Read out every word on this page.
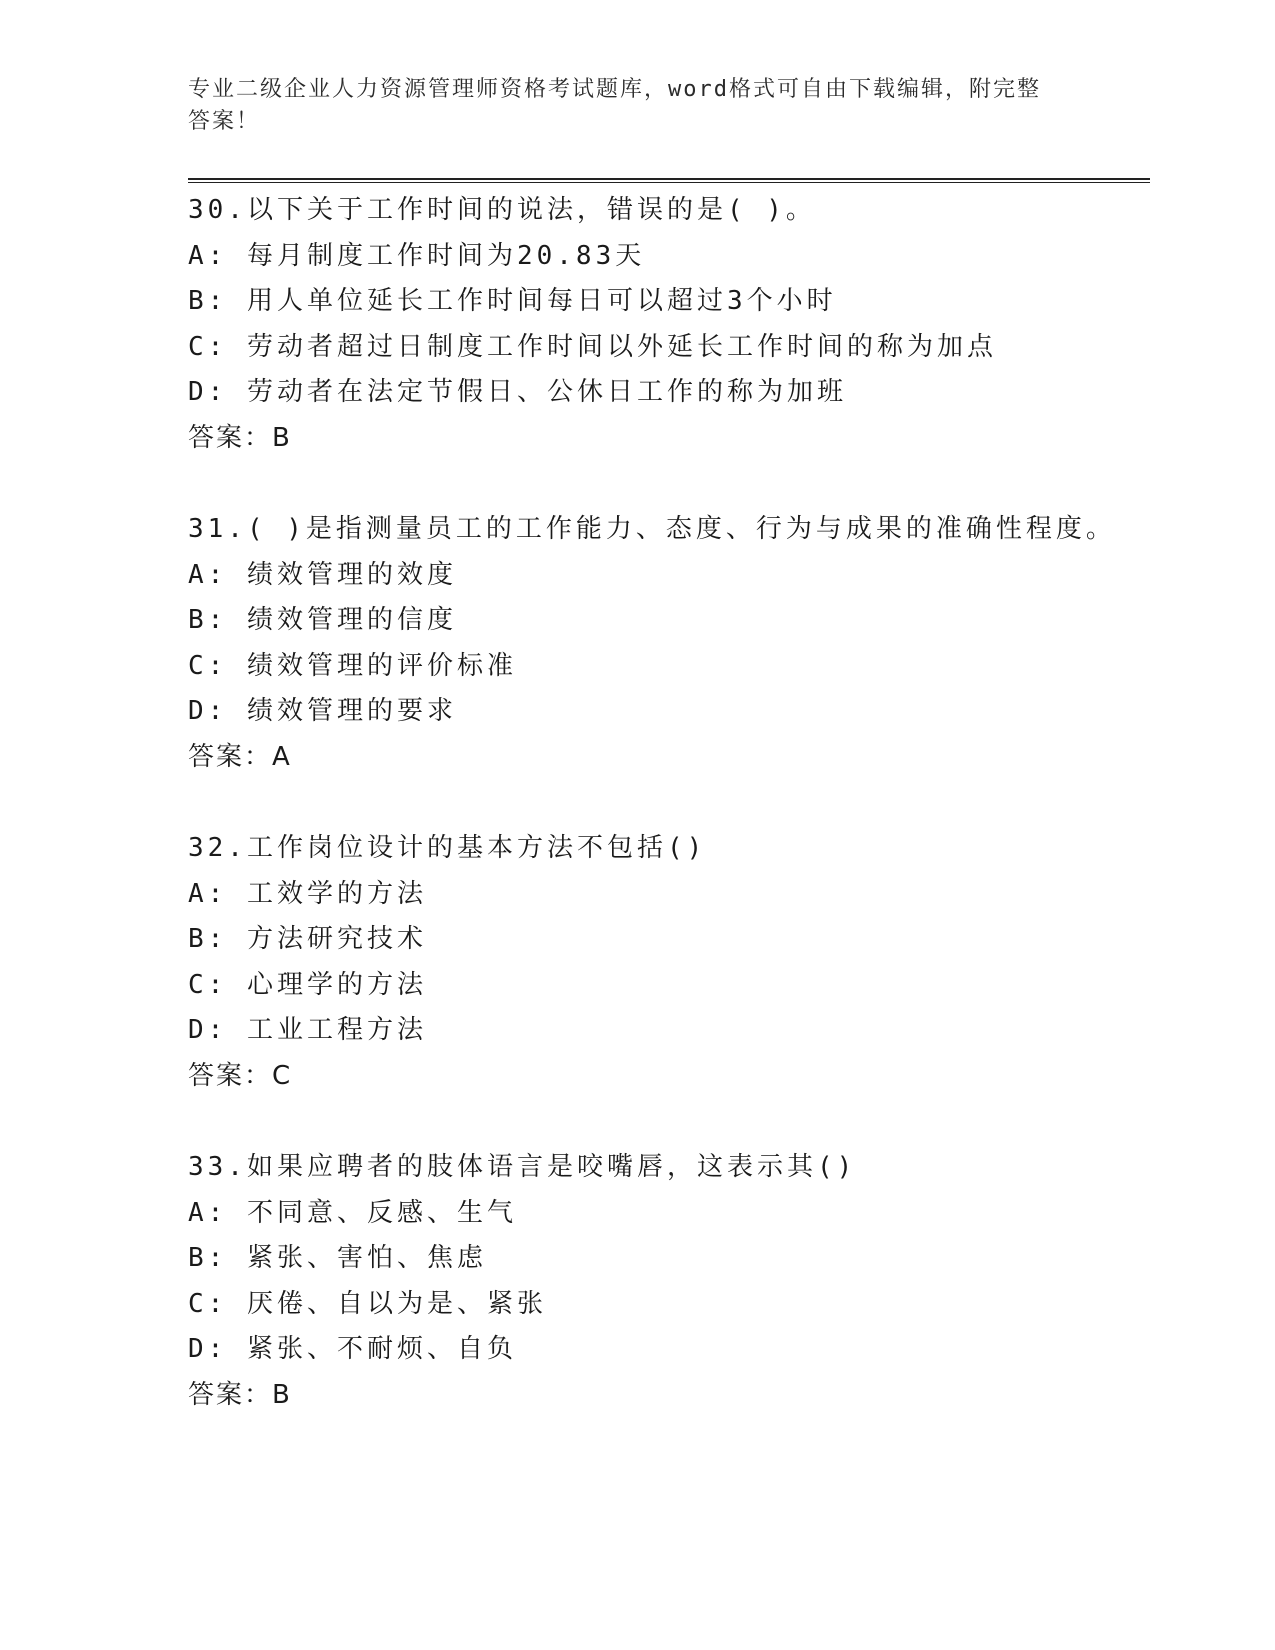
专业二级企业人力资源管理师资格考试题库，word格式可自由下载编辑，附完整
答案！
30.以下关于工作时间的说法，错误的是( )。
A: 每月制度工作时间为20.83天
B: 用人单位延长工作时间每日可以超过3个小时
C: 劳动者超过日制度工作时间以外延长工作时间的称为加点
D: 劳动者在法定节假日、公休日工作的称为加班
答案：B
31.( )是指测量员工的工作能力、态度、行为与成果的准确性程度。
A: 绩效管理的效度
B: 绩效管理的信度
C: 绩效管理的评价标准
D: 绩效管理的要求
答案：A
32.工作岗位设计的基本方法不包括()
A: 工效学的方法
B: 方法研究技术
C: 心理学的方法
D: 工业工程方法
答案：C
33.如果应聘者的肢体语言是咬嘴唇，这表示其()
A: 不同意、反感、生气
B: 紧张、害怕、焦虑
C: 厌倦、自以为是、紧张
D: 紧张、不耐烦、自负
答案：B
